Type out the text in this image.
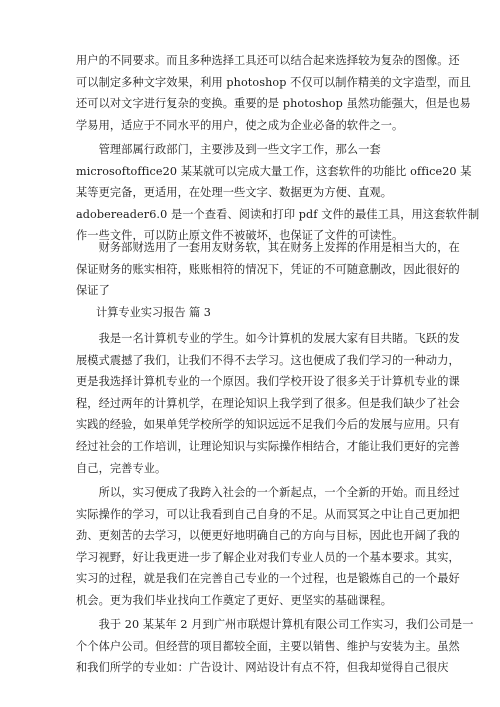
用户的不同要求。而且多种选择工具还可以结合起来选择较为复杂的图像。还
可以制定多种文字效果，利用 photoshop 不仅可以制作精美的文字造型，而且
还可以对文字进行复杂的变换。重要的是 photoshop 虽然功能强大，但是也易
学易用，适应于不同水平的用户，使之成为企业必备的软件之一。

　　管理部属行政部门，主要涉及到一些文字工作，那么一套
microsoftoffice20 某某就可以完成大量工作，这套软件的功能比 office20 某
某等更完备，更适用，在处理一些文字、数据更为方便、直观。
adobereader6.0 是一个查看、阅读和打印 pdf 文件的最佳工具，用这套软件制
作一些文件，可以防止原文件不被破坏，也保证了文件的可读性。

　　财务部财选用了一套用友财务软，其在财务上发挥的作用是相当大的，在
保证财务的账实相符，账账相符的情况下，凭证的不可随意删改，因此很好的
保证了

计算专业实习报告 篇 3

　　我是一名计算机专业的学生。如今计算机的发展大家有目共睹。飞跃的发
展模式震撼了我们，让我们不得不去学习。这也便成了我们学习的一种动力，
更是我选择计算机专业的一个原因。我们学校开设了很多关于计算机专业的课
程，经过两年的计算机学，在理论知识上我学到了很多。但是我们缺少了社会
实践的经验，如果单凭学校所学的知识远远不足我们今后的发展与应用。只有
经过社会的工作培训，让理论知识与实际操作相结合，才能让我们更好的完善
自己，完善专业。

　　所以，实习便成了我跨入社会的一个新起点，一个全新的开始。而且经过
实际操作的学习，可以让我看到自己自身的不足。从而冥冥之中让自己更加把
劲、更刻苦的去学习，以便更好地明确自己的方向与目标，因此也开阔了我的
学习视野，好让我更进一步了解企业对我们专业人员的一个基本要求。其实，
实习的过程，就是我们在完善自己专业的一个过程，也是锻炼自己的一个最好
机会。更为我们毕业找向工作奠定了更好、更坚实的基础课程。

　　我于 20 某某年 2 月到广州市联煜计算机有限公司工作实习，我们公司是一
个个体户公司。但经营的项目都较全面，主要以销售、维护与安装为主。虽然
和我们所学的专业如：广告设计、网站设计有点不符，但我却觉得自己很庆
